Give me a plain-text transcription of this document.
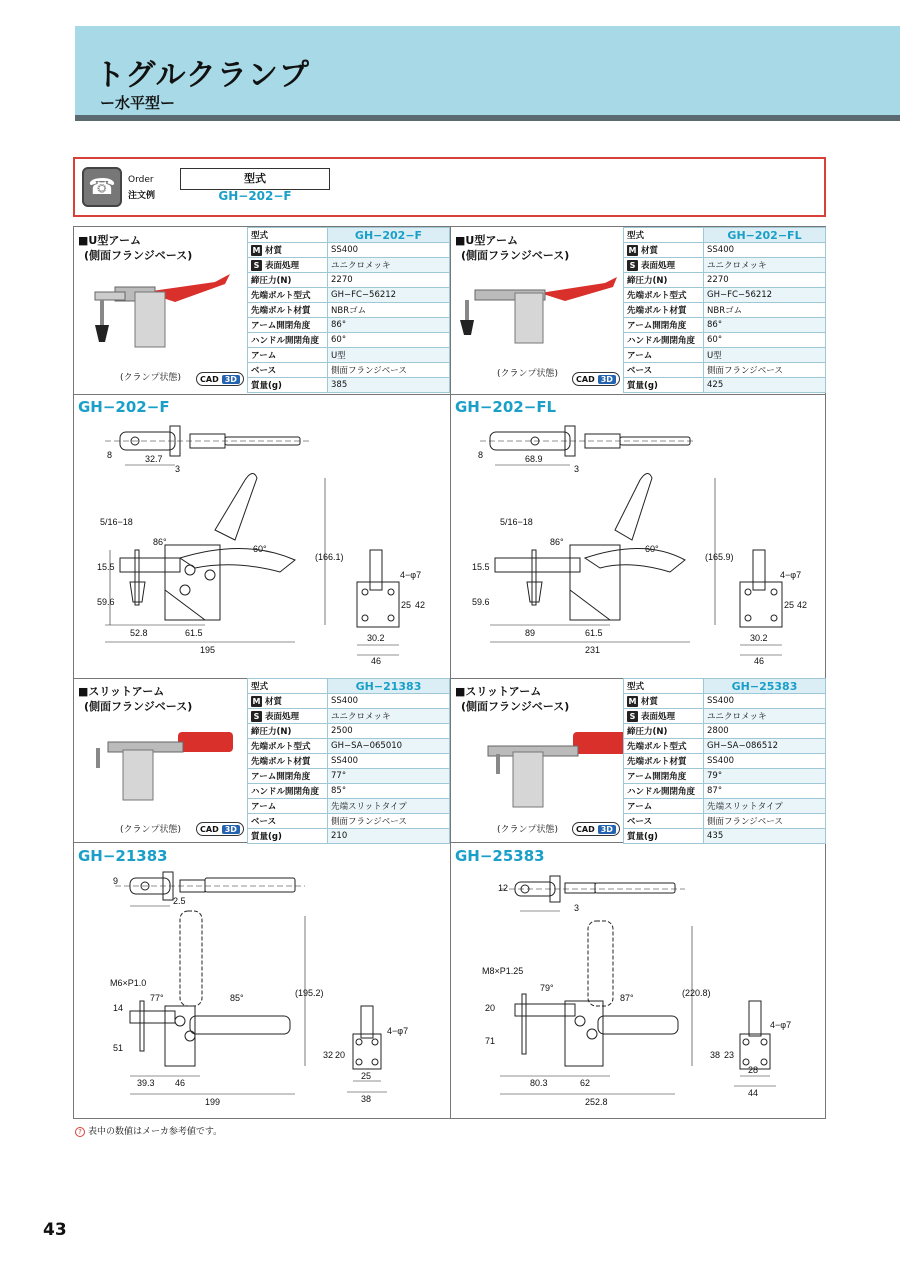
トグルクランプ
ー水平型ー
☎	Order
注文例
型式
GH−202−F
■U型アーム
(側面フランジベース)
(クランプ状態) CAD 3D
型式	GH−202−F
M 材質	SS400
S 表面処理	ユニクロメッキ
締圧力(N)	2270
先端ボルト型式	GH−FC−56212
先端ボルト材質	NBRゴム
アーム開閉角度	86°
ハンドル開閉角度	60°
アーム	U型
ベース	側面フランジベース
質量(g)	385
GH−202−F
■U型アーム
(側面フランジベース)
(クランプ状態) CAD 3D
型式	GH−202−FL
M 材質	SS400
S 表面処理	ユニクロメッキ
締圧力(N)	2270
先端ボルト型式	GH−FC−56212
先端ボルト材質	NBRゴム
アーム開閉角度	86°
ハンドル開閉角度	60°
アーム	U型
ベース	側面フランジベース
質量(g)	425
GH−202−FL
■スリットアーム
(側面フランジベース)
(クランプ状態) CAD 3D
型式	GH−21383
M 材質	SS400
S 表面処理	ユニクロメッキ
締圧力(N)	2500
先端ボルト型式	GH−SA−065010
先端ボルト材質	SS400
アーム開閉角度	77°
ハンドル開閉角度	85°
アーム	先端スリットタイプ
ベース	側面フランジベース
質量(g)	210
GH−21383
■スリットアーム
(側面フランジベース)
(クランプ状態) CAD 3D
型式	GH−25383
M 材質	SS400
S 表面処理	ユニクロメッキ
締圧力(N)	2800
先端ボルト型式	GH−SA−086512
先端ボルト材質	SS400
アーム開閉角度	79°
ハンドル開閉角度	87°
アーム	先端スリットタイプ
ベース	側面フランジベース
質量(g)	435
GH−25383
32.7
8
3
5/16−18
86°
60°
15.5
59.6
(166.1)
52.8	61.5
195
4−φ7
25 42
30.2
46
68.9
8
3
5/16−18
86°
60°
15.5
59.6
(165.9)
89	61.5
231
4−φ7
25 42
30.2
46
2.5
9
M6×P1.0
77°	85°
14
51
(195.2)
39.3 46
199
4−φ7
20
32
25
38
3
12
M8×P1.25
79°
87°
20
71
(220.8)
80.3	62
252.8
4−φ7
23
38
28
44
? 表中の数値はメーカ参考値です。
43
